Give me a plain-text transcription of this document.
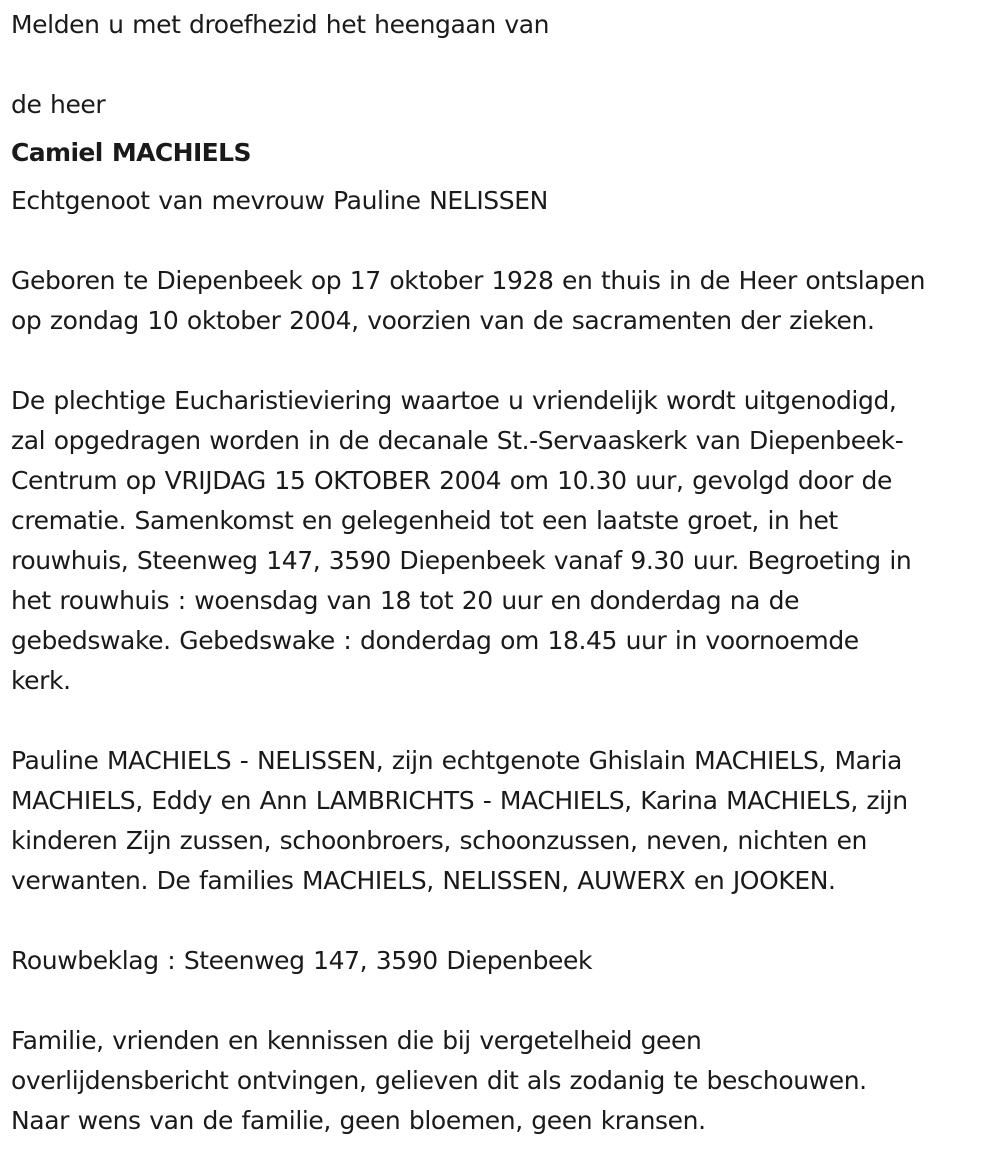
Melden u met droefhezid het heengaan van
de heer
Camiel MACHIELS
Echtgenoot van mevrouw Pauline NELISSEN
Geboren te Diepenbeek op 17 oktober 1928 en thuis in de Heer ontslapen
op zondag 10 oktober 2004, voorzien van de sacramenten der zieken.
De plechtige Eucharistieviering waartoe u vriendelijk wordt uitgenodigd,
zal opgedragen worden in de decanale St.-Servaaskerk van Diepenbeek-
Centrum op VRIJDAG 15 OKTOBER 2004 om 10.30 uur, gevolgd door de
crematie. Samenkomst en gelegenheid tot een laatste groet, in het
rouwhuis, Steenweg 147, 3590 Diepenbeek vanaf 9.30 uur. Begroeting in
het rouwhuis : woensdag van 18 tot 20 uur en donderdag na de
gebedswake. Gebedswake : donderdag om 18.45 uur in voornoemde
kerk.
Pauline MACHIELS - NELISSEN, zijn echtgenote Ghislain MACHIELS, Maria
MACHIELS, Eddy en Ann LAMBRICHTS - MACHIELS, Karina MACHIELS, zijn
kinderen Zijn zussen, schoonbroers, schoonzussen, neven, nichten en
verwanten. De families MACHIELS, NELISSEN, AUWERX en JOOKEN.
Rouwbeklag : Steenweg 147, 3590 Diepenbeek
Familie, vrienden en kennissen die bij vergetelheid geen
overlijdensbericht ontvingen, gelieven dit als zodanig te beschouwen.
Naar wens van de familie, geen bloemen, geen kransen.
